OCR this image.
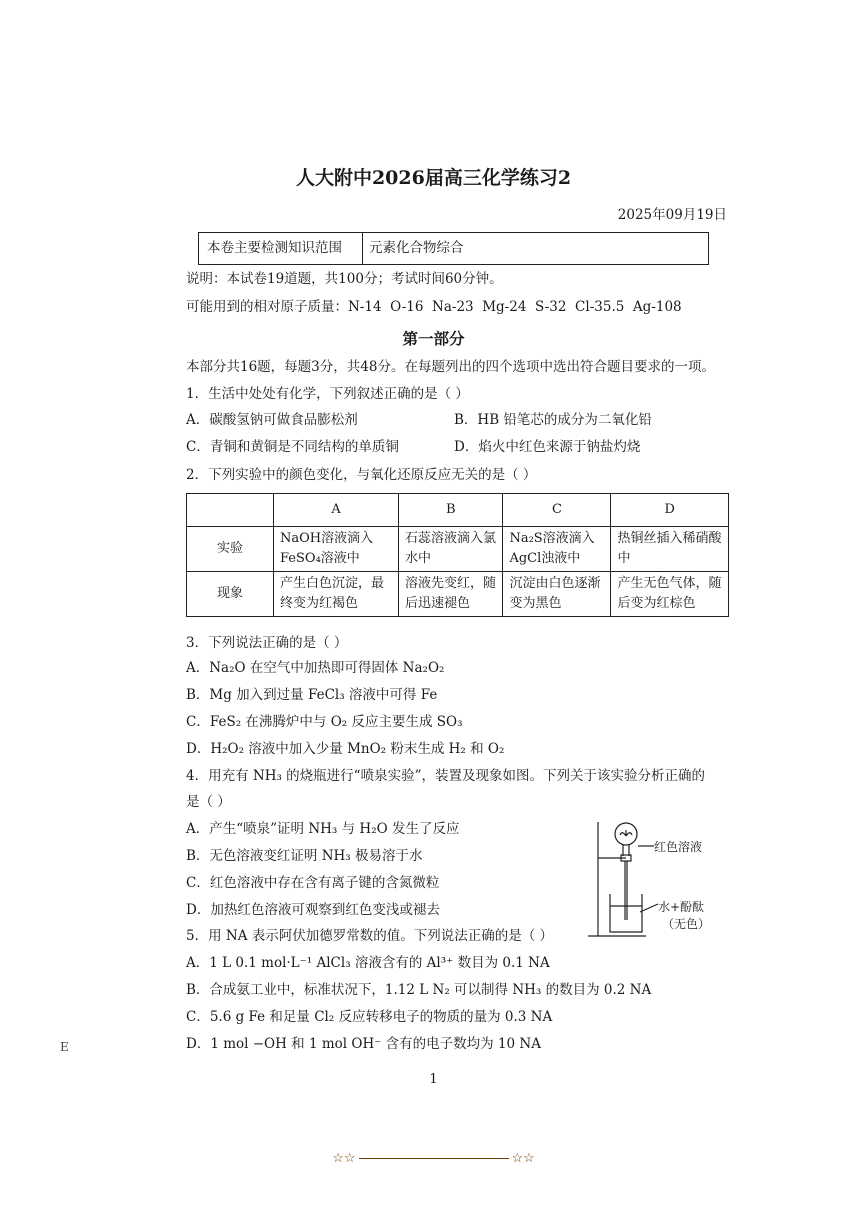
人大附中2026届高三化学练习2
2025年09月19日
本卷主要检测知识范围	元素化合物综合
说明：本试卷19道题，共100分；考试时间60分钟。
可能用到的相对原子质量：N-14  O-16  Na-23  Mg-24  S-32  Cl-35.5  Ag-108
第一部分
本部分共16题，每题3分，共48分。在每题列出的四个选项中选出符合题目要求的一项。
1．生活中处处有化学，下列叙述正确的是（ ）
A．碳酸氢钠可做食品膨松剂	B．HB 铅笔芯的成分为二氧化铅
C．青铜和黄铜是不同结构的单质铜	D．焰火中红色来源于钠盐灼烧
2．下列实验中的颜色变化，与氧化还原反应无关的是（ ）
	A	B	C	D
实验	NaOH溶液滴入FeSO₄溶液中	石蕊溶液滴入氯水中	Na₂S溶液滴入AgCl浊液中	热铜丝插入稀硝酸中
现象	产生白色沉淀，最终变为红褐色	溶液先变红，随后迅速褪色	沉淀由白色逐渐变为黑色	产生无色气体，随后变为红棕色
3．下列说法正确的是（ ）
A．Na₂O 在空气中加热即可得固体 Na₂O₂
B．Mg 加入到过量 FeCl₃ 溶液中可得 Fe
C．FeS₂ 在沸腾炉中与 O₂ 反应主要生成 SO₃
D．H₂O₂ 溶液中加入少量 MnO₂ 粉末生成 H₂ 和 O₂
4．用充有 NH₃ 的烧瓶进行“喷泉实验”，装置及现象如图。下列关于该实验分析正确的
是（ ）
A．产生“喷泉”证明 NH₃ 与 H₂O 发生了反应
B．无色溶液变红证明 NH₃ 极易溶于水
C．红色溶液中存在含有离子键的含氮微粒
D．加热红色溶液可观察到红色变浅或褪去
红色溶液
水+酚酞
（无色）
5．用 NA 表示阿伏加德罗常数的值。下列说法正确的是（ ）
A．1 L 0.1 mol·L⁻¹ AlCl₃ 溶液含有的 Al³⁺ 数目为 0.1 NA
B．合成氨工业中，标准状况下，1.12 L N₂ 可以制得 NH₃ 的数目为 0.2 NA
C．5.6 g Fe 和足量 Cl₂ 反应转移电子的物质的量为 0.3 NA
D．1 mol −OH 和 1 mol OH⁻ 含有的电子数均为 10 NA
E
1
☆☆	☆☆
